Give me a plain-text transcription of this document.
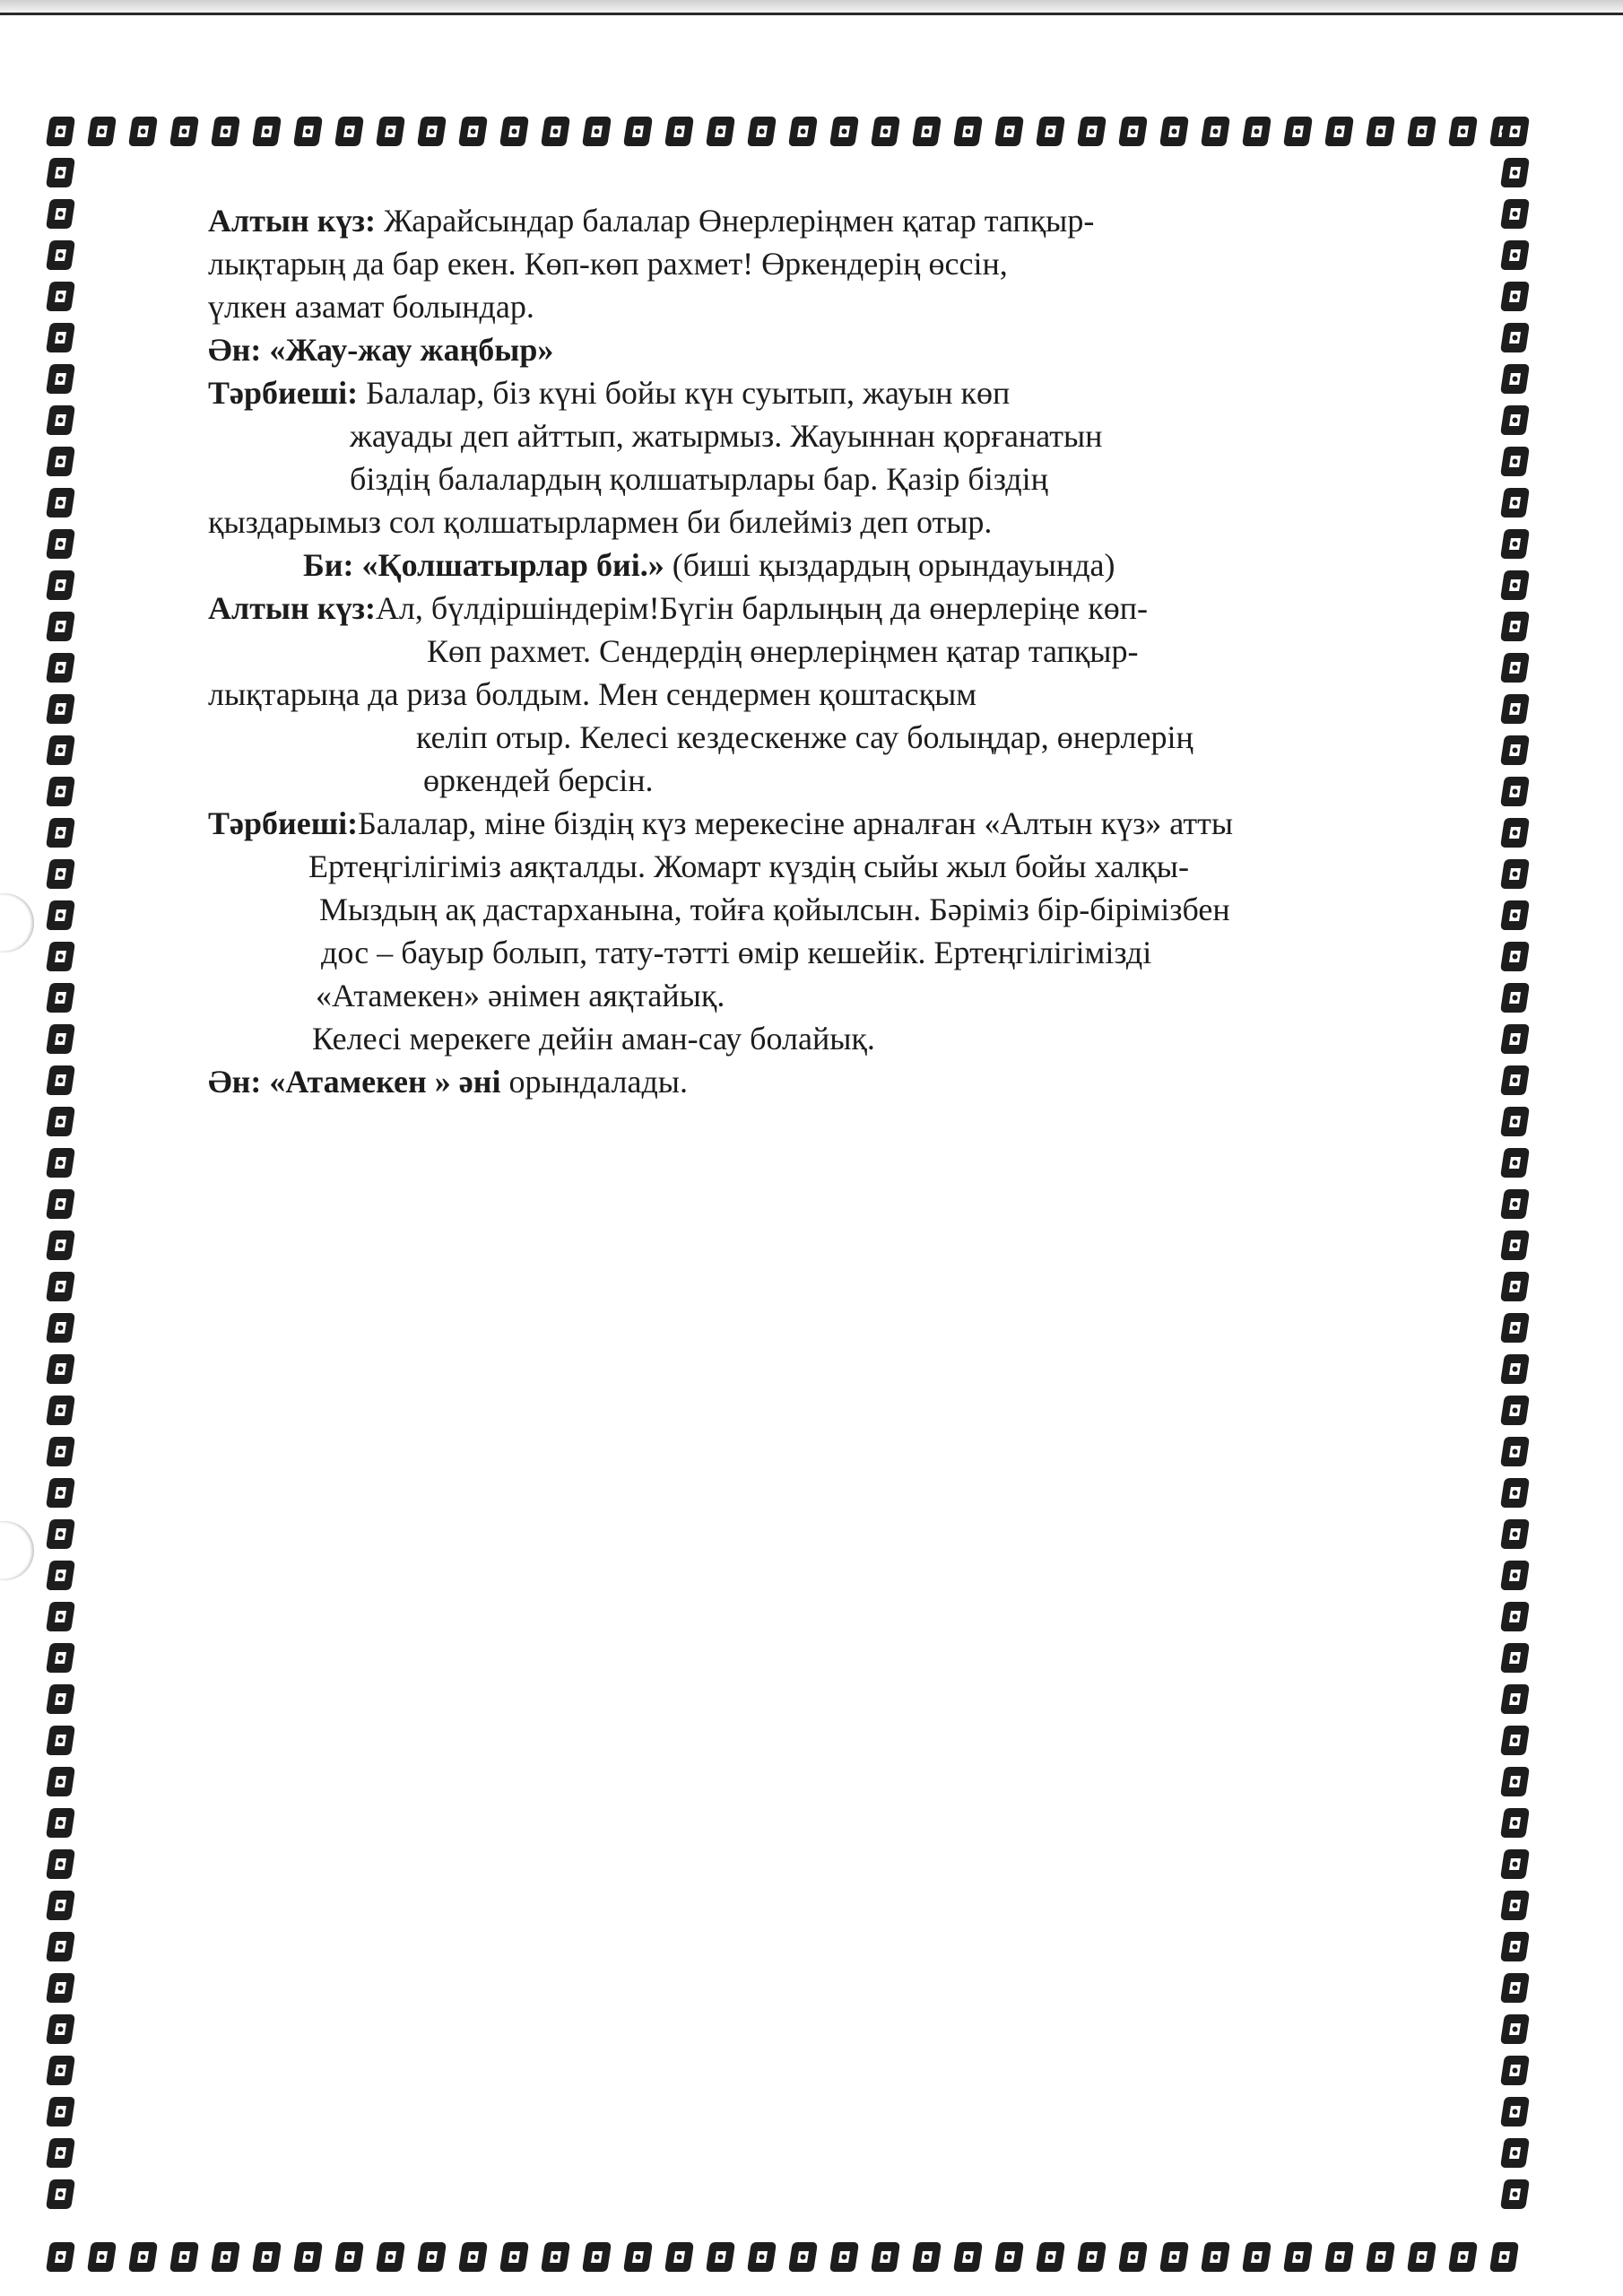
Алтын күз: Жарайсындар балалар Өнерлеріңмен қатар тапқыр-
лықтарың да бар екен. Көп-көп рахмет! Өркендерің өссін,
үлкен азамат болындар.
Ән: «Жау-жау жаңбыр»
Тәрбиеші: Балалар, біз күні бойы күн суытып, жауын көп
жауады деп айттып, жатырмыз. Жауыннан қорғанатын
біздің балалардың қолшатырлары бар. Қазір біздің
қыздарымыз сол қолшатырлармен би билейміз деп отыр.
Би: «Қолшатырлар биі.» (биші қыздардың орындауында)
Алтын күз:Ал, бүлдіршіндерім!Бүгін барлыңың да өнерлеріңе көп-
Көп рахмет. Сендердің өнерлеріңмен қатар тапқыр-
лықтарыңа да риза болдым. Мен сендермен қоштасқым
келіп отыр. Келесі кездескенже сау болыңдар, өнерлерің
өркендей берсін.
Тәрбиеші:Балалар, міне біздің күз мерекесіне арналған «Алтын күз» атты
Ертеңгілігіміз аяқталды. Жомарт күздің сыйы жыл бойы халқы-
Мыздың ақ дастарханына, тойға қойылсын. Бәріміз бір-бірімізбен
дос – бауыр болып, тату-тәтті өмір кешейік. Ертеңгілігімізді
«Атамекен» әнімен аяқтайық.
Келесі мерекеге дейін аман-сау болайық.
Ән: «Атамекен » әні орындалады.
